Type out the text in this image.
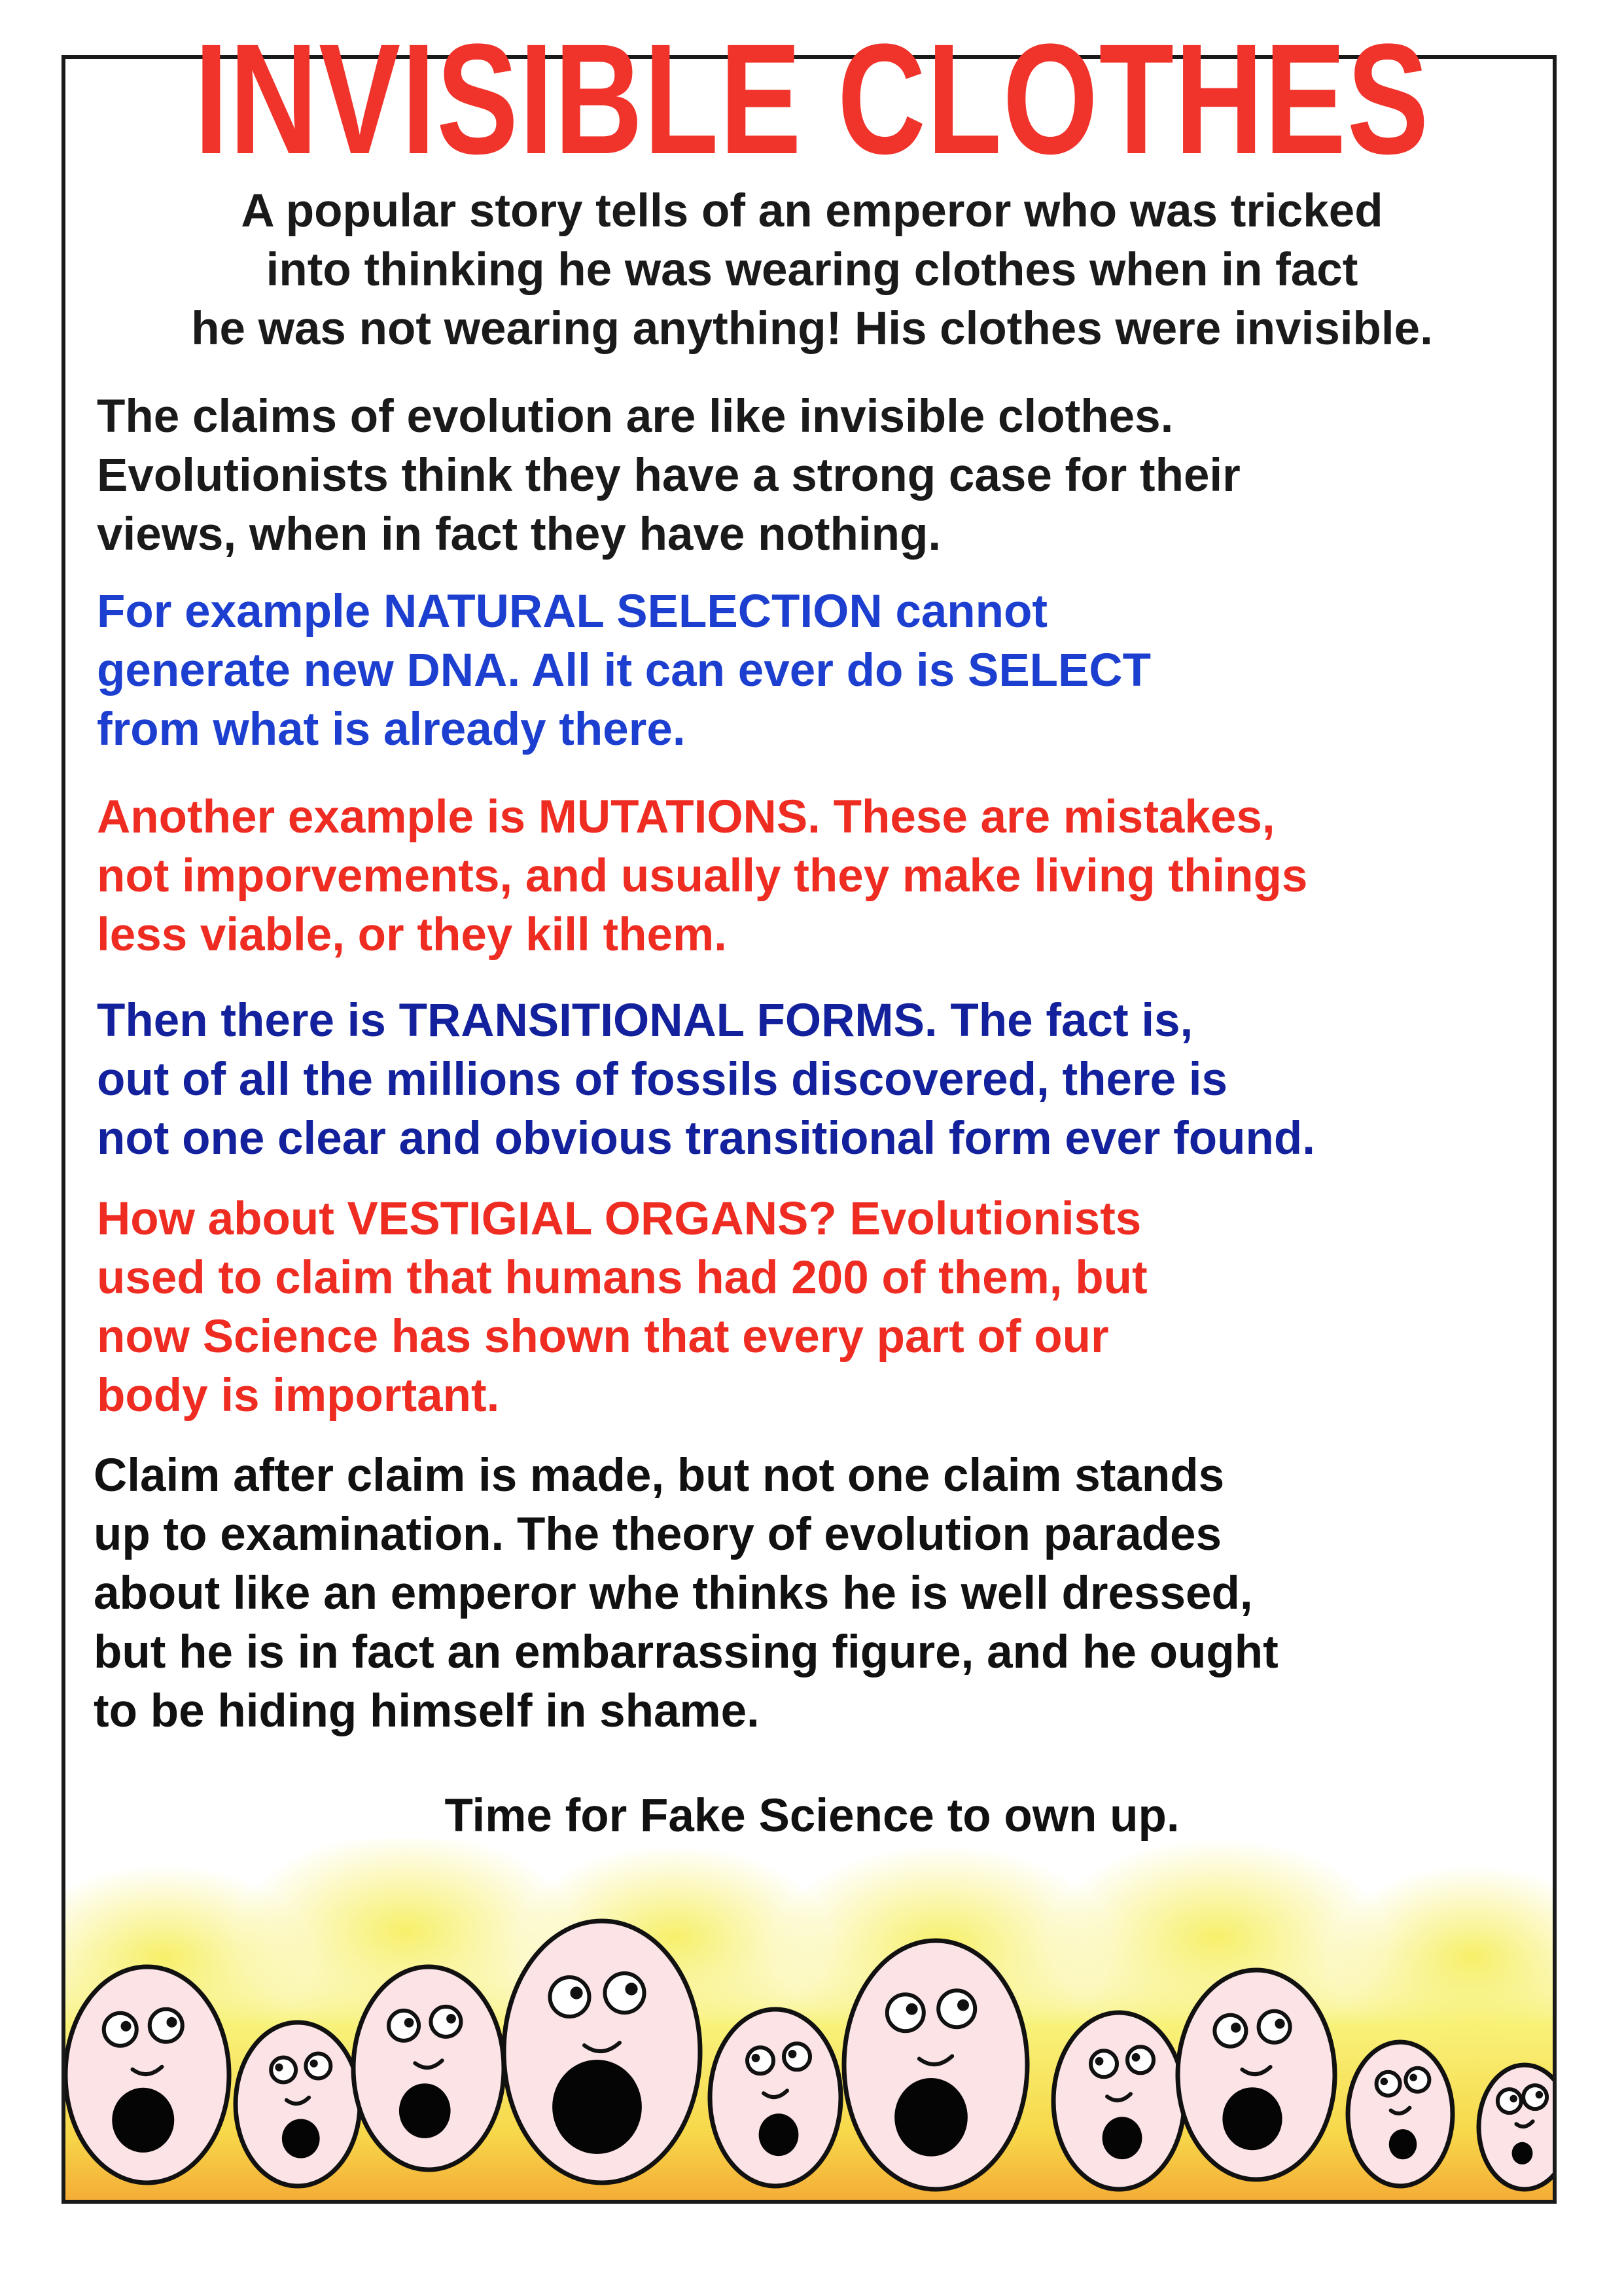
INVISIBLE CLOTHES

A popular story tells of an emperor who was tricked
into thinking he was wearing clothes when in fact
he was not wearing anything! His clothes were invisible.

The claims of evolution are like invisible clothes.
Evolutionists think they have a strong case for their
views, when in fact they have nothing.

For example NATURAL SELECTION cannot
generate new DNA. All it can ever do is SELECT
from what is already there.

Another example is MUTATIONS. These are mistakes,
not imporvements, and usually they make living things
less viable, or they kill them.

Then there is TRANSITIONAL FORMS. The fact is,
out of all the millions of fossils discovered, there is
not one clear and obvious transitional form ever found.

How about VESTIGIAL ORGANS? Evolutionists
used to claim that humans had 200 of them, but
now Science has shown that every part of our
body is important.

Claim after claim is made, but not one claim stands
up to examination. The theory of evolution parades
about like an emperor whe thinks he is well dressed,
but he is in fact an embarrassing figure, and he ought
to be hiding himself in shame.

Time for Fake Science to own up.
